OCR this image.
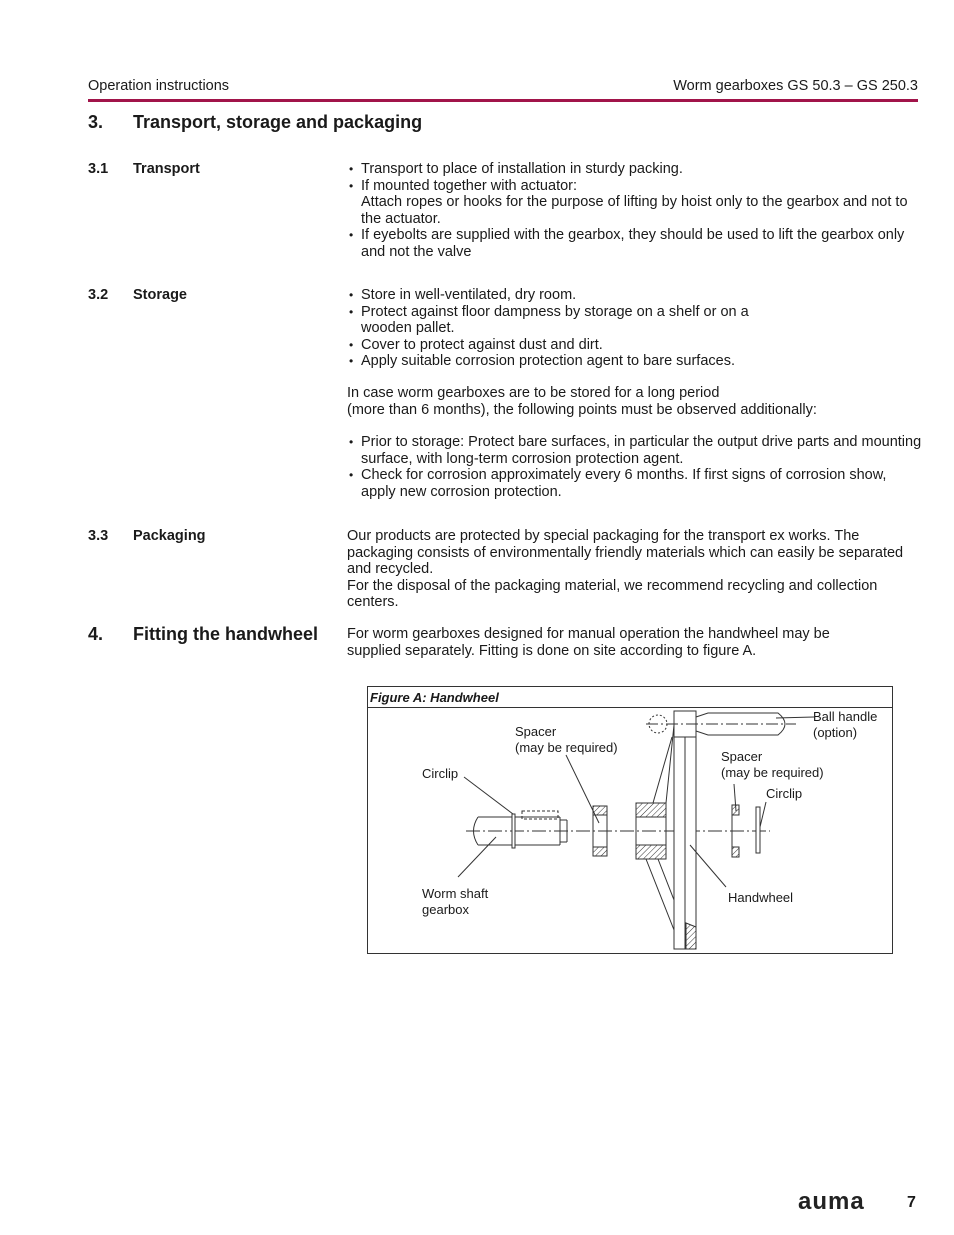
Operation instructions	Worm gearboxes GS 50.3 – GS 250.3
3. Transport, storage and packaging
3.1 Transport	• Transport to place of installation in sturdy packing.
• If mounted together with actuator:
Attach ropes or hooks for the purpose of lifting by hoist only to the gearbox and not to the actuator.
• If eyebolts are supplied with the gearbox, they should be used to lift the gearbox only and not the valve
3.2 Storage	• Store in well-ventilated, dry room.
• Protect against floor dampness by storage on a shelf or on a
wooden pallet.
• Cover to protect against dust and dirt.
• Apply suitable corrosion protection agent to bare surfaces.
In case worm gearboxes are to be stored for a long period
(more than 6 months), the following points must be observed additionally:
• Prior to storage: Protect bare surfaces, in particular the output drive parts and mounting surface, with long-term corrosion protection agent.
• Check for corrosion approximately every 6 months. If first signs of corrosion show, apply new corrosion protection.
3.3 Packaging	Our products are protected by special packaging for the transport ex works. The packaging consists of environmentally friendly materials which can easily be separated and recycled.
For the disposal of the packaging material, we recommend recycling and collection centers.
4. Fitting the handwheel For worm gearboxes designed for manual operation the handwheel may be
supplied separately. Fitting is done on site according to figure A.
Figure A: Handwheel
Ball handle
(option)
Spacer
(may be required)
Spacer
(may be required)
Circlip
Circlip
Worm shaft
gearbox
Handwheel
auma	7
